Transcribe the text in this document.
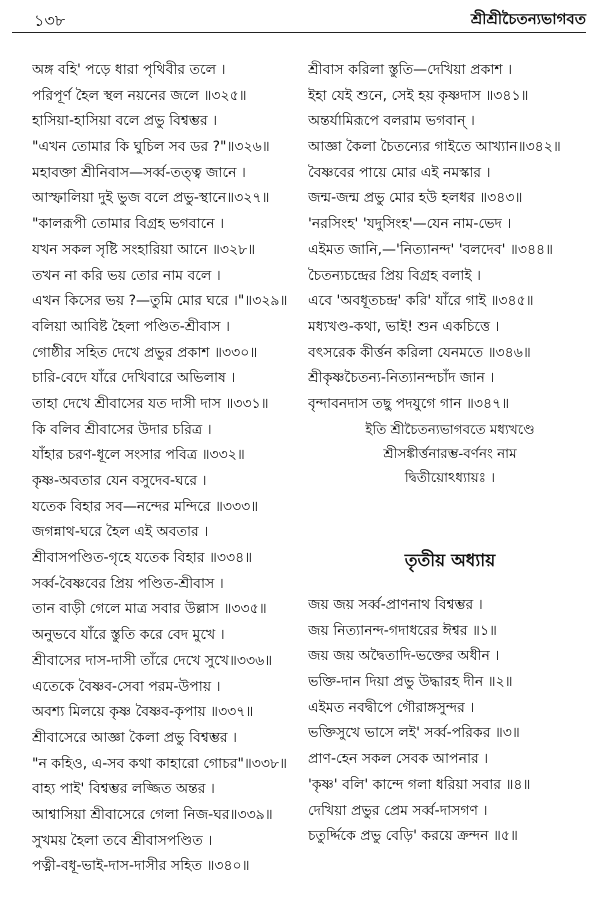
১৩৮	শ্রীশ্রীচৈতন্যভাগবত
অঙ্গ বহি' পড়ে ধারা পৃথিবীর তলে ।
পরিপূর্ণ হৈল স্থল নয়নের জলে ॥৩২৫॥
হাসিয়া-হাসিয়া বলে প্রভু বিশ্বম্ভর ।
"এখন তোমার কি ঘুচিল সব ডর ?"॥৩২৬॥
মহাবক্তা শ্রীনিবাস—সর্ব্ব-তত্ত্ব জানে ।
আস্ফালিয়া দুই ভুজ বলে প্রভু-স্থানে॥৩২৭॥
"কালরূপী তোমার বিগ্রহ ভগবানে ।
যখন সকল সৃষ্টি সংহারিয়া আনে ॥৩২৮॥
তখন না করি ভয় তোর নাম বলে ।
এখন কিসের ভয় ?—তুমি মোর ঘরে ।"॥৩২৯॥
বলিয়া আবিষ্ট হৈলা পণ্ডিত-শ্রীবাস ।
গোষ্ঠীর সহিত দেখে প্রভুর প্রকাশ ॥৩৩০॥
চারি-বেদে যাঁরে দেখিবারে অভিলাষ ।
তাহা দেখে শ্রীবাসের যত দাসী দাস ॥৩৩১॥
কি বলিব শ্রীবাসের উদার চরিত্র ।
যাঁহার চরণ-ধূলে সংসার পবিত্র ॥৩৩২॥
কৃষ্ণ-অবতার যেন বসুদেব-ঘরে ।
যতেক বিহার সব—নন্দের মন্দিরে ॥৩৩৩॥
জগন্নাথ-ঘরে হৈল এই অবতার ।
শ্রীবাসপণ্ডিত-গৃহে যতেক বিহার ॥৩৩৪॥
সর্ব্ব-বৈষ্ণবের প্রিয় পণ্ডিত-শ্রীবাস ।
তান বাড়ী গেলে মাত্র সবার উল্লাস ॥৩৩৫॥
অনুভবে যাঁরে স্তুতি করে বেদ মুখে ।
শ্রীবাসের দাস-দাসী তাঁরে দেখে সুখে॥৩৩৬॥
এতেকে বৈষ্ণব-সেবা পরম-উপায় ।
অবশ্য মিলয়ে কৃষ্ণ বৈষ্ণব-কৃপায় ॥৩৩৭॥
শ্রীবাসেরে আজ্ঞা কৈলা প্রভু বিশ্বম্ভর ।
"ন কহিও, এ-সব কথা কাহারো গোচর"॥৩৩৮॥
বাহ্য পাই' বিশ্বম্ভর লজ্জিত অন্তর ।
আশ্বাসিয়া শ্রীবাসেরে গেলা নিজ-ঘর॥৩৩৯॥
সুখময় হৈলা তবে শ্রীবাসপণ্ডিত ।
পত্নী-বধূ-ভাই-দাস-দাসীর সহিত ॥৩৪০॥
শ্রীবাস করিলা স্তুতি—দেখিয়া প্রকাশ ।
ইহা যেই শুনে, সেই হয় কৃষ্ণদাস ॥৩৪১॥
অন্তর্যামিরূপে বলরাম ভগবান্ ।
আজ্ঞা কৈলা চৈতন্যের গাইতে আখ্যান॥৩৪২॥
বৈষ্ণবের পায়ে মোর এই নমস্কার ।
জন্ম-জন্ম প্রভু মোর হউ হলধর ॥৩৪৩॥
'নরসিংহ' 'যদুসিংহ'—যেন নাম-ভেদ ।
এইমত জানি,—'নিত্যানন্দ' 'বলদেব' ॥৩৪৪॥
চৈতন্যচন্দ্রের প্রিয় বিগ্রহ বলাই ।
এবে 'অবধূতচন্দ্র' করি' যাঁরে গাই ॥৩৪৫॥
মধ্যখণ্ড-কথা, ভাই! শুন একচিত্তে ।
বৎসরেক কীর্ত্তন করিলা যেনমতে ॥৩৪৬॥
শ্রীকৃষ্ণচৈতন্য-নিত্যানন্দচাঁদ জান ।
বৃন্দাবনদাস তছু পদযুগে গান ॥৩৪৭॥
ইতি শ্রীচৈতন্যভাগবতে মধ্যখণ্ডে
শ্রীসঙ্কীর্ত্তনারম্ভ-বর্ণনং নাম
দ্বিতীয়োঽধ্যায়ঃ ।
তৃতীয় অধ্যায়
জয় জয় সর্ব্ব-প্রাণনাথ বিশ্বম্ভর ।
জয় নিত্যানন্দ-গদাধরের ঈশ্বর ॥১॥
জয় জয় অদ্বৈতাদি-ভক্তের অধীন ।
ভক্তি-দান দিয়া প্রভু উদ্ধারহ দীন ॥২॥
এইমত নবদ্বীপে গৌরাঙ্গসুন্দর ।
ভক্তিসুখে ভাসে লই' সর্ব্ব-পরিকর ॥৩॥
প্রাণ-হেন সকল সেবক আপনার ।
'কৃষ্ণ' বলি' কান্দে গলা ধরিয়া সবার ॥৪॥
দেখিয়া প্রভুর প্রেম সর্ব্ব-দাসগণ ।
চতুর্দ্দিকে প্রভু বেড়ি' করয়ে ক্রন্দন ॥৫॥
